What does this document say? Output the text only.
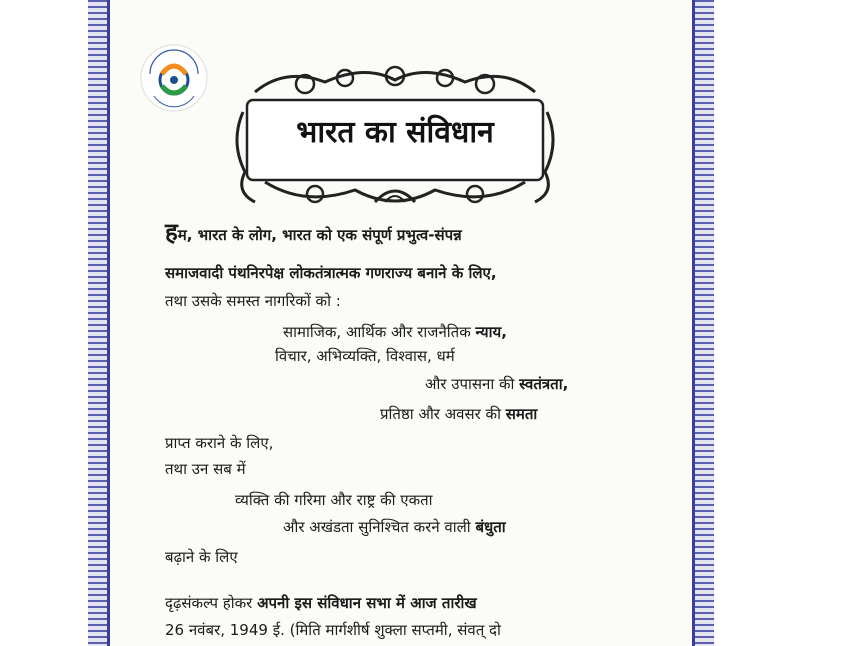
भारत का संविधान
हम, भारत के लोग, भारत को एक संपूर्ण प्रभुत्व-संपन्न
समाजवादी पंथनिरपेक्ष लोकतंत्रात्मक गणराज्य बनाने के लिए,
तथा उसके समस्त नागरिकों को :
सामाजिक, आर्थिक और राजनैतिक न्याय,
विचार, अभिव्यक्ति, विश्वास, धर्म
और उपासना की स्वतंत्रता,
प्रतिष्ठा और अवसर की समता
प्राप्त कराने के लिए,
तथा उन सब में
व्यक्ति की गरिमा और राष्ट्र की एकता
और अखंडता सुनिश्चित करने वाली बंधुता
बढ़ाने के लिए
दृढ़संकल्प होकर अपनी इस संविधान सभा में आज तारीख
26 नवंबर, 1949 ई. (मिति मार्गशीर्ष शुक्ला सप्तमी, संवत् दो
